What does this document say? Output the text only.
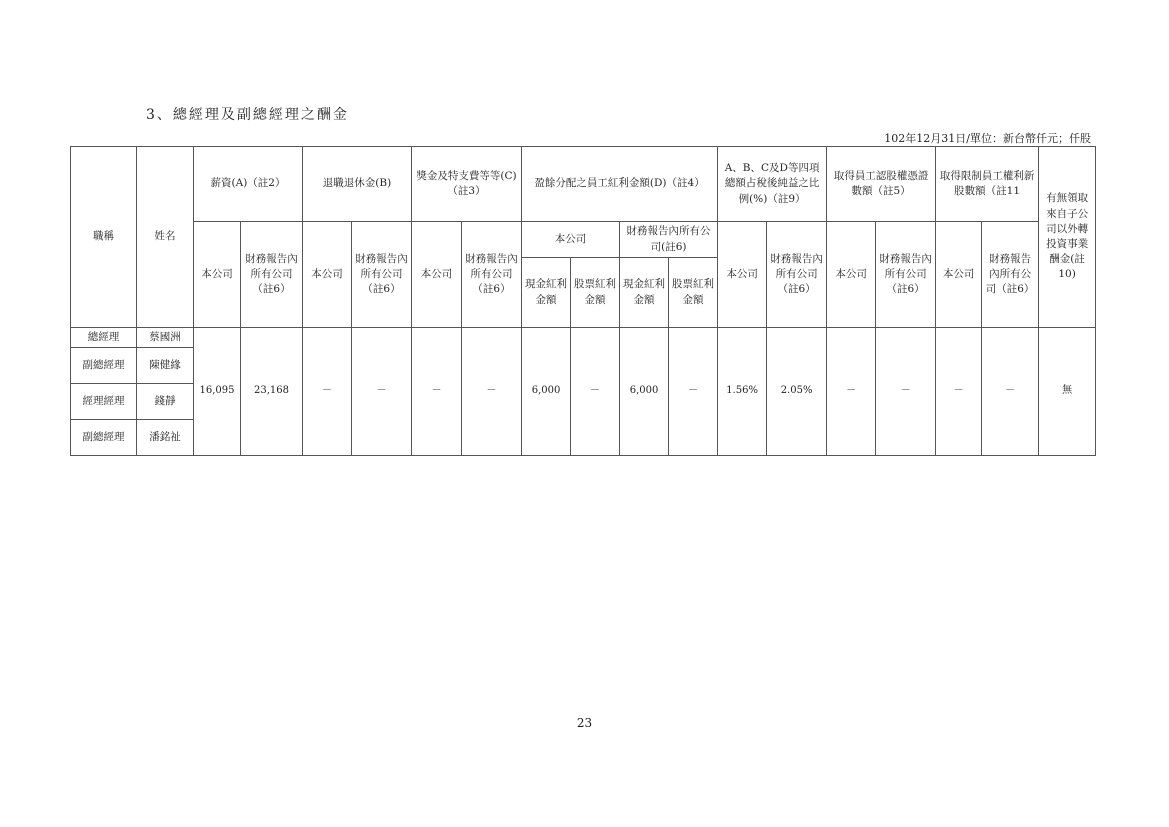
3、總經理及副總經理之酬金
102年12月31日/單位：新台幣仟元；仟股
職稱	姓名	薪資(A)（註2）		退職退休金(B)		獎金及特支費等等(C)（註3）		盈餘分配之員工紅利金額(D)（註4）				A、B、C及D等四項總額占稅後純益之比例(%)（註9）		取得員工認股權憑證數額（註5）		取得限制員工權利新股數額（註11		有無領取來自子公司以外轉投資事業酬金(註10)
		本公司	財務報告內所有公司（註6）	本公司	財務報告內所有公司（註6）	本公司	財務報告內所有公司（註6）	本公司		財務報告內所有公司(註6)		本公司	財務報告內所有公司（註6）	本公司	財務報告內所有公司（註6）	本公司	財務報告內所有公司（註6）	
								現金紅利金額	股票紅利金額	現金紅利金額	股票紅利金額							
總經理	蔡國洲	16,095	23,168	－	－	－	－	6,000	－	6,000	－	1.56%	2.05%	－	－	－	－	無
副總經理	陳健緣																	
經理經理	錢靜																	
副總經理	潘銘祉																	
23
